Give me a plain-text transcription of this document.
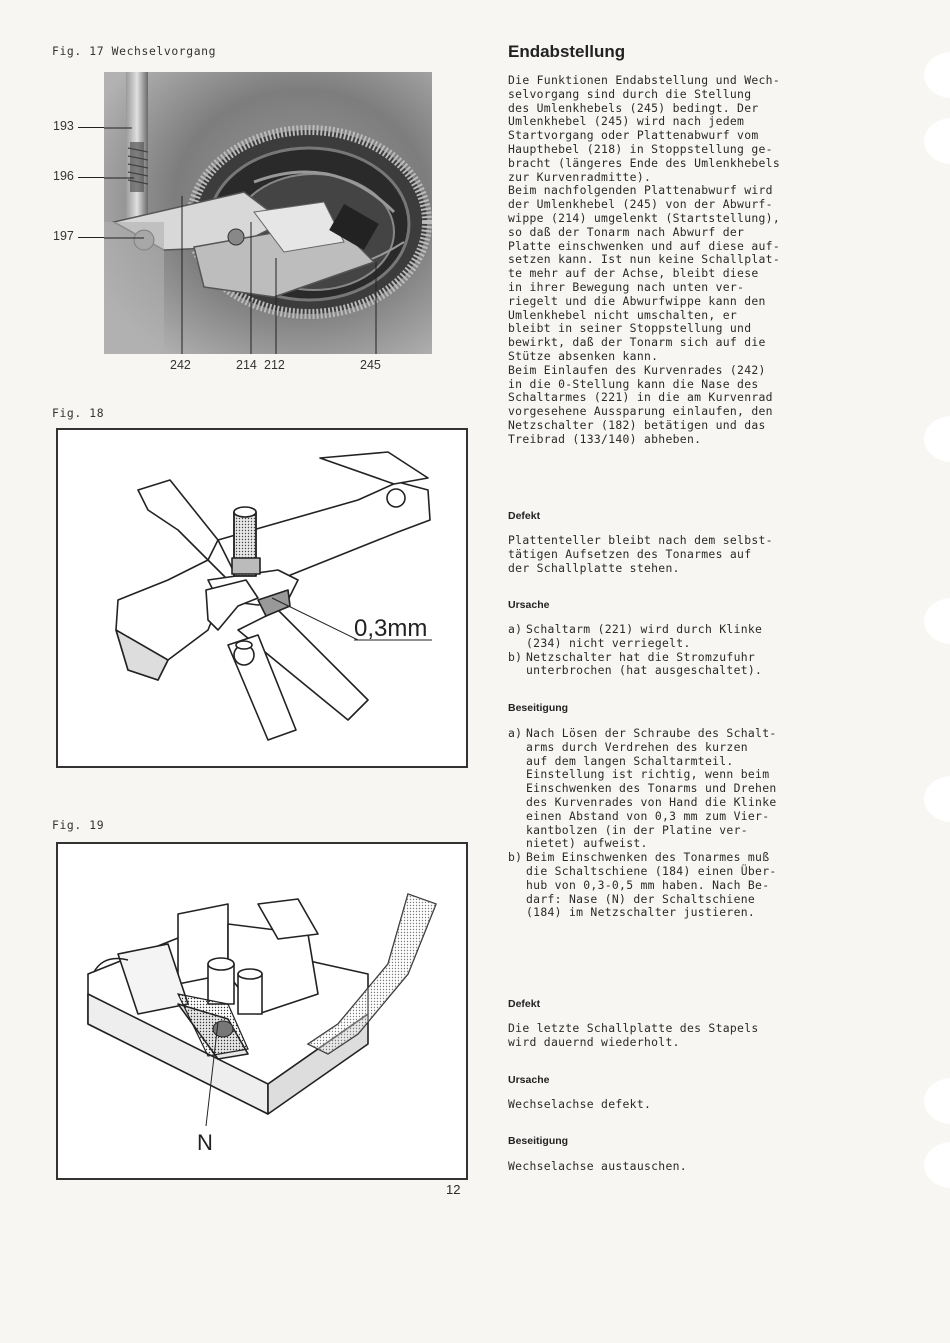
Fig. 17 Wechselvorgang
193
196
197
242	214 212	245
Fig. 18
0,3mm
Fig. 19
N
Endabstellung

Die Funktionen Endabstellung und Wech-
selvorgang sind durch die Stellung
des Umlenkhebels (245) bedingt. Der
Umlenkhebel (245) wird nach jedem
Startvorgang oder Plattenabwurf vom
Haupthebel (218) in Stoppstellung ge-
bracht (längeres Ende des Umlenkhebels
zur Kurvenradmitte).
Beim nachfolgenden Plattenabwurf wird
der Umlenkhebel (245) von der Abwurf-
wippe (214) umgelenkt (Startstellung),
so daß der Tonarm nach Abwurf der
Platte einschwenken und auf diese auf-
setzen kann. Ist nun keine Schallplat-
te mehr auf der Achse, bleibt diese
in ihrer Bewegung nach unten ver-
riegelt und die Abwurfwippe kann den
Umlenkhebel nicht umschalten, er
bleibt in seiner Stoppstellung und
bewirkt, daß der Tonarm sich auf die
Stütze absenken kann.
Beim Einlaufen des Kurvenrades (242)
in die 0-Stellung kann die Nase des
Schaltarmes (221) in die am Kurvenrad
vorgesehene Aussparung einlaufen, den
Netzschalter (182) betätigen und das
Treibrad (133/140) abheben.

Defekt

Plattenteller bleibt nach dem selbst-
tätigen Aufsetzen des Tonarmes auf
der Schallplatte stehen.

Ursache
a) Schaltarm (221) wird durch Klinke
(234) nicht verriegelt.
b) Netzschalter hat die Stromzufuhr
unterbrochen (hat ausgeschaltet).
Beseitigung
a) Nach Lösen der Schraube des Schalt-
arms durch Verdrehen des kurzen
auf dem langen Schaltarmteil.
Einstellung ist richtig, wenn beim
Einschwenken des Tonarms und Drehen
des Kurvenrades von Hand die Klinke
einen Abstand von 0,3 mm zum Vier-
kantbolzen (in der Platine ver-
nietet) aufweist.
b) Beim Einschwenken des Tonarmes muß
die Schaltschiene (184) einen Über-
hub von 0,3-0,5 mm haben. Nach Be-
darf: Nase (N) der Schaltschiene
(184) im Netzschalter justieren.
Defekt

Die letzte Schallplatte des Stapels
wird dauernd wiederholt.

Ursache

Wechselachse defekt.

Beseitigung

Wechselachse austauschen.

12
